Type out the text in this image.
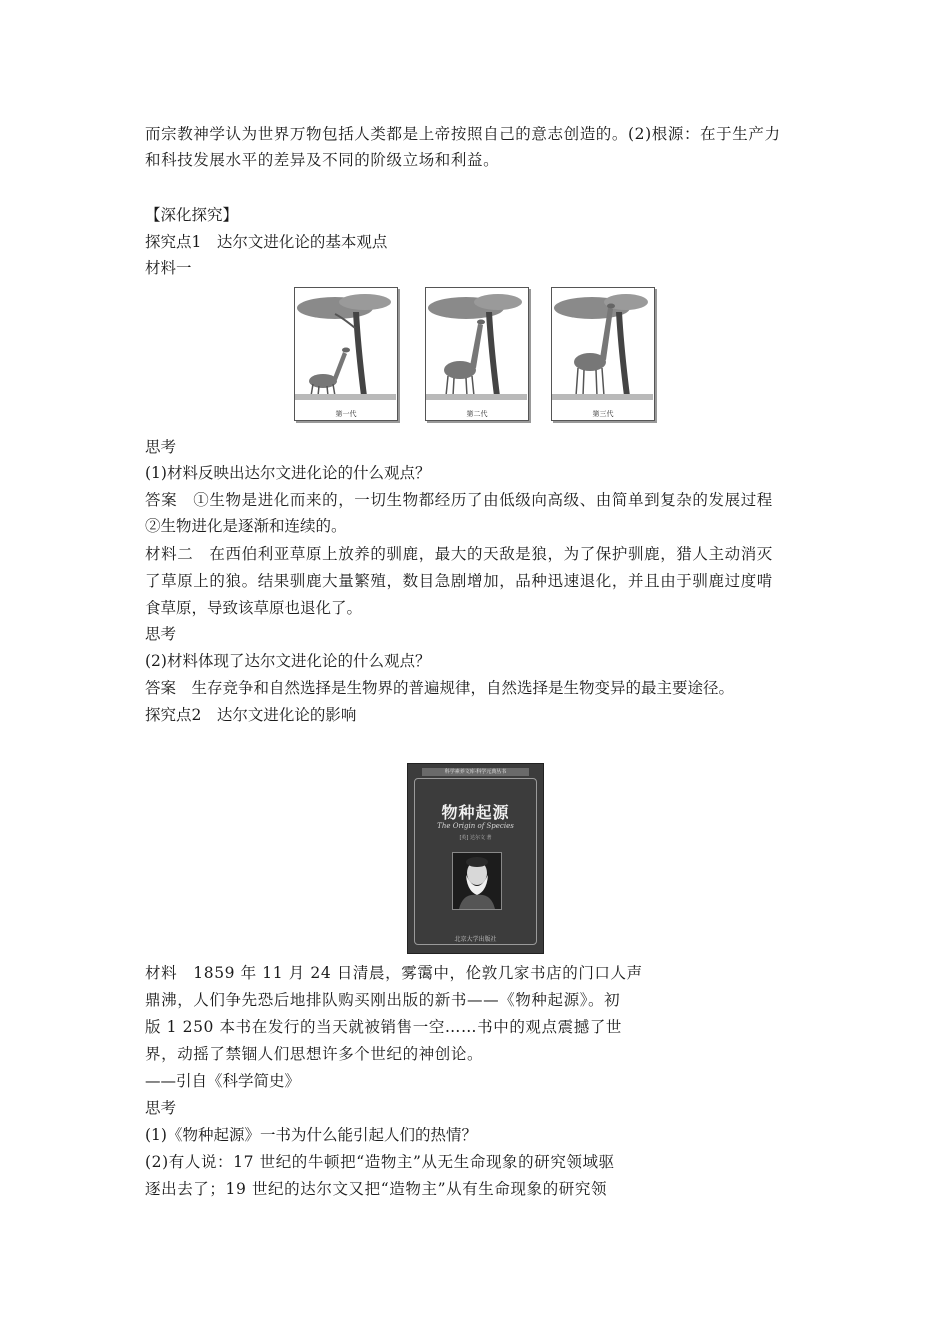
而宗教神学认为世界万物包括人类都是上帝按照自己的意志创造的。(2)根源：在于生产力
和科技发展水平的差异及不同的阶级立场和利益。
【深化探究】
探究点1　达尔文进化论的基本观点
材料一
第一代	第二代	第三代
思考
(1)材料反映出达尔文进化论的什么观点？
答案　①生物是进化而来的，一切生物都经历了由低级向高级、由简单到复杂的发展过程
②生物进化是逐渐和连续的。
材料二　在西伯利亚草原上放养的驯鹿，最大的天敌是狼，为了保护驯鹿，猎人主动消灭
了草原上的狼。结果驯鹿大量繁殖，数目急剧增加，品种迅速退化，并且由于驯鹿过度啃
食草原，导致该草原也退化了。
思考
(2)材料体现了达尔文进化论的什么观点？
答案　生存竞争和自然选择是生物界的普遍规律，自然选择是生物变异的最主要途径。
探究点2　达尔文进化论的影响
科学素养文库·科学元典丛书
物种起源
The Origin of Species
[英] 达尔文 著
北京大学出版社
材料　1859 年 11 月 24 日清晨，雾霭中，伦敦几家书店的门口人声
鼎沸，人们争先恐后地排队购买刚出版的新书——《物种起源》。初
版 1 250 本书在发行的当天就被销售一空……书中的观点震撼了世
界，动摇了禁锢人们思想许多个世纪的神创论。
——引自《科学简史》
思考
(1)《物种起源》一书为什么能引起人们的热情？
(2)有人说：17 世纪的牛顿把“造物主”从无生命现象的研究领域驱
逐出去了；19 世纪的达尔文又把“造物主”从有生命现象的研究领
